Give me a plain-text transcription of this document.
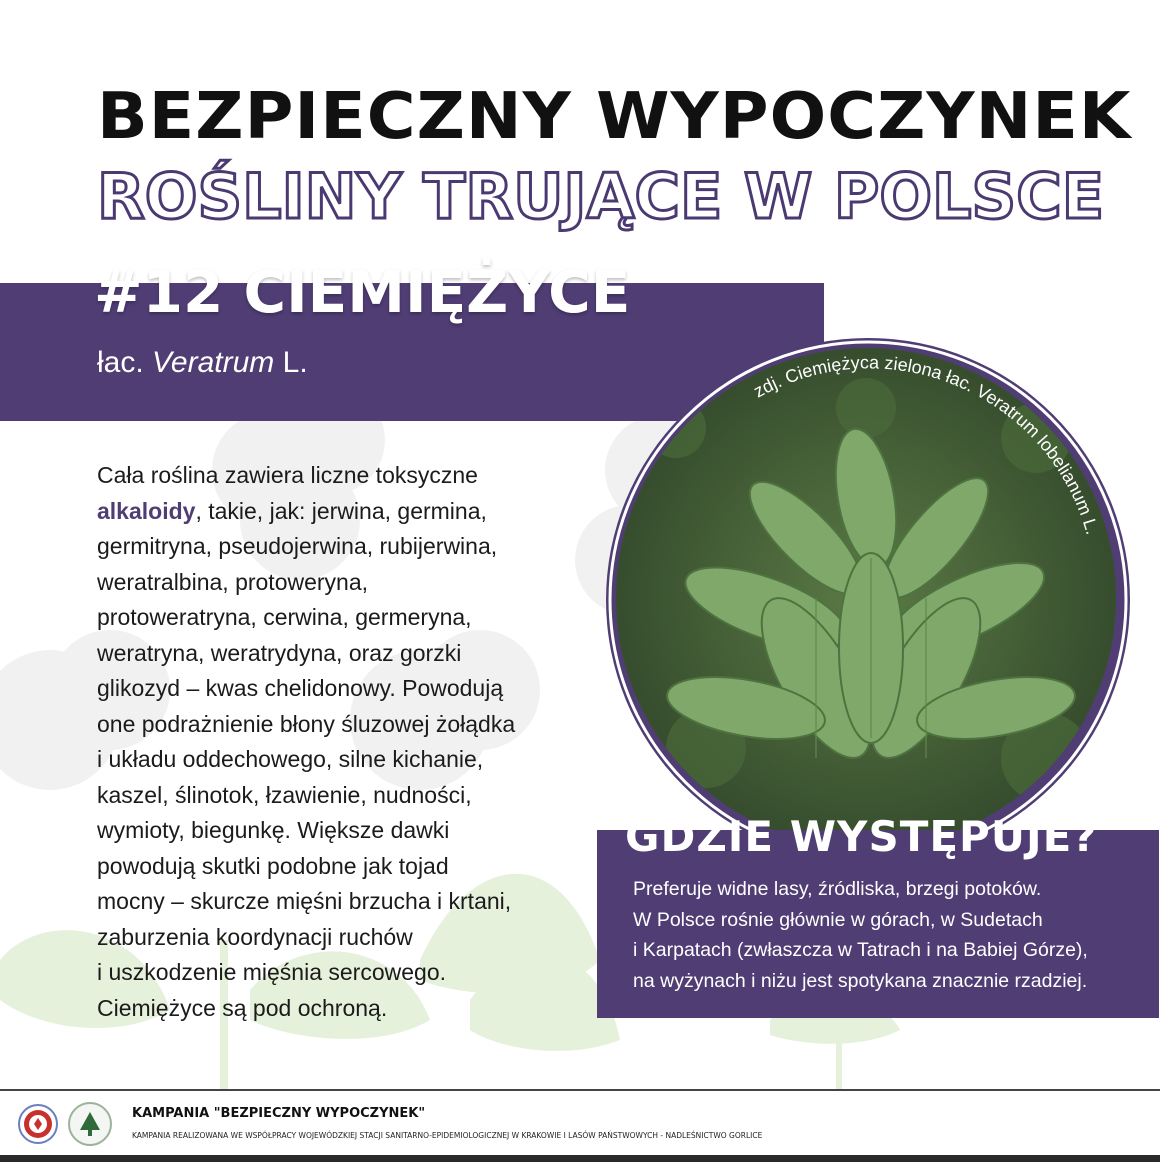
BEZPIECZNY WYPOCZYNEK
ROŚLINY TRUJĄCE W POLSCE
#12 CIEMIĘŻYCE
łac. Veratrum L.
Cała roślina zawiera liczne toksyczne
alkaloidy, takie, jak: jerwina, germina,
germitryna, pseudojerwina, rubijerwina,
weratralbina, protoweryna,
protoweratryna, cerwina, germeryna,
weratryna, weratrydyna, oraz gorzki
glikozyd – kwas chelidonowy. Powodują
one podrażnienie błony śluzowej żołądka
i układu oddechowego, silne kichanie,
kaszel, ślinotok, łzawienie, nudności,
wymioty, biegunkę. Większe dawki
powodują skutki podobne jak tojad
mocny – skurcze mięśni brzucha i krtani,
zaburzenia koordynacji ruchów
i uszkodzenie mięśnia sercowego.
Ciemiężyce są pod ochroną.
zdj. Ciemiężyca zielona łac. Veratrum lobelianum L.
GDZIE WYSTĘPUJE?
Preferuje widne lasy, źródliska, brzegi potoków.
W Polsce rośnie głównie w górach, w Sudetach
i Karpatach (zwłaszcza w Tatrach i na Babiej Górze),
na wyżynach i niżu jest spotykana znacznie rzadziej.
KAMPANIA "BEZPIECZNY WYPOCZYNEK"
KAMPANIA REALIZOWANA WE WSPÓŁPRACY WOJEWÓDZKIEJ STACJI SANITARNO-EPIDEMIOLOGICZNEJ W KRAKOWIE I LASÓW PAŃSTWOWYCH - NADLEŚNICTWO GORLICE
